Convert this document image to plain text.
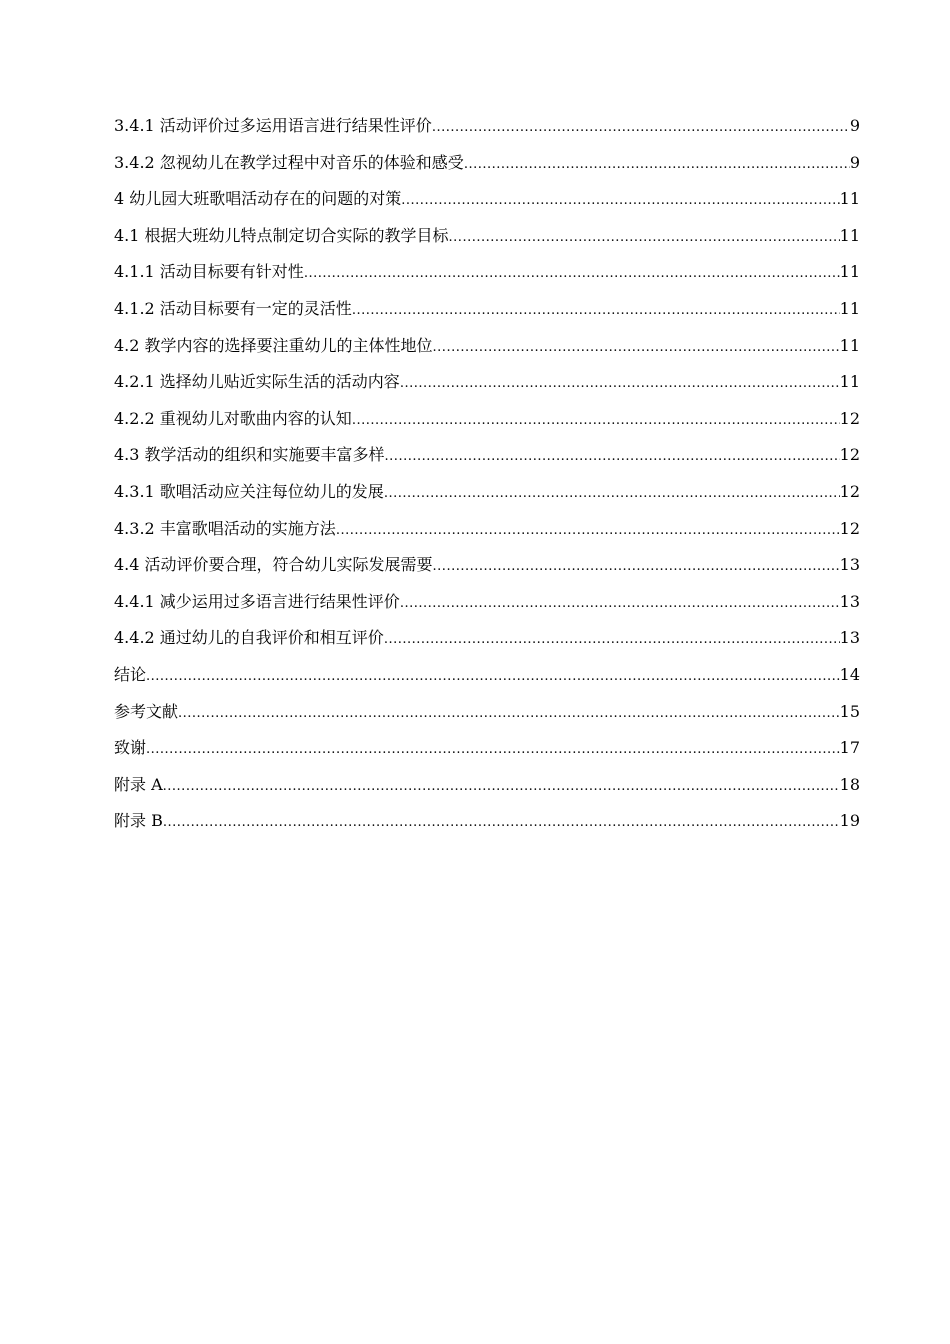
3.4.1 活动评价过多运用语言进行结果性评价 .....	9
3.4.2 忽视幼儿在教学过程中对音乐的体验和感受 .....	9
4 幼儿园大班歌唱活动存在的问题的对策 .....	11
4.1 根据大班幼儿特点制定切合实际的教学目标 .....	11
4.1.1 活动目标要有针对性 .....	11
4.1.2 活动目标要有一定的灵活性 .....	11
4.2 教学内容的选择要注重幼儿的主体性地位 .....	11
4.2.1 选择幼儿贴近实际生活的活动内容 .....	11
4.2.2 重视幼儿对歌曲内容的认知 .....	12
4.3 教学活动的组织和实施要丰富多样 .....	12
4.3.1 歌唱活动应关注每位幼儿的发展 .....	12
4.3.2 丰富歌唱活动的实施方法 .....	12
4.4 活动评价要合理，符合幼儿实际发展需要 .....	13
4.4.1 减少运用过多语言进行结果性评价 .....	13
4.4.2 通过幼儿的自我评价和相互评价 .....	13
结论 .....	14
参考文献 .....	15
致谢 .....	17
附录 A .....	18
附录 B .....	19
